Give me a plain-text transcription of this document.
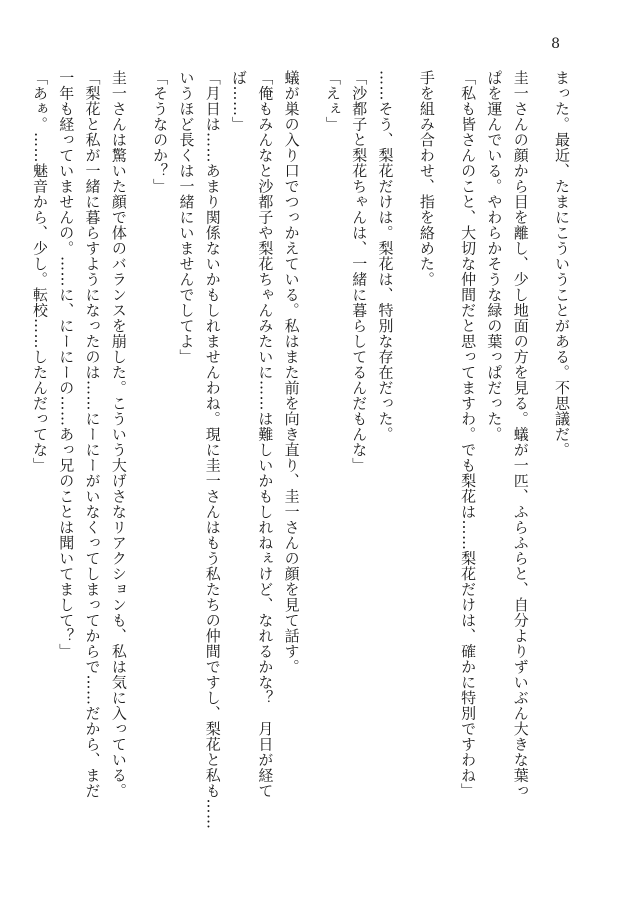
8
まった。最近、たまにこういうことがある。不思議だ。
圭一さんの顔から目を離し、少し地面の方を見る。蟻が一匹、ふらふらと、自分よりずいぶん大きな葉っ
ぱを運んでいる。やわらかそうな緑の葉っぱだった。
「私も皆さんのこと、大切な仲間だと思ってますわ。でも梨花は……梨花だけは、確かに特別ですわね」
手を組み合わせ、指を絡めた。
……そう、梨花だけは。梨花は、特別な存在だった。
「沙都子と梨花ちゃんは、一緒に暮らしてるんだもんな」
「えぇ」
蟻が巣の入り口でつっかえている。私はまた前を向き直り、圭一さんの顔を見て話す。
「俺もみんなと沙都子や梨花ちゃんみたいに……は難しいかもしれねぇけど、なれるかな？　月日が経て
ば……」
「月日は……あまり関係ないかもしれませんわね。現に圭一さんはもう私たちの仲間ですし、梨花と私も……
いうほど長くは一緒にいませんでしてよ」
「そうなのか？」
圭一さんは驚いた顔で体のバランスを崩した。こういう大げさなリアクションも、私は気に入っている。
「梨花と私が一緒に暮らすようになったのは……にーにーがいなくってしまってからで……だから、まだ
一年も経っていませんの。……に、にーにーの……あっ兄のことは聞いてまして？」
「あぁ。……魅音から、少し。転校……したんだってな」
